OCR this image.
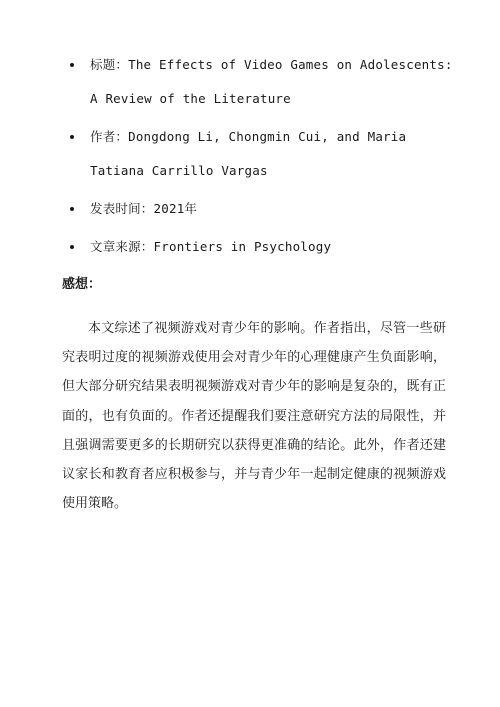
标题：The Effects of Video Games on Adolescents: A Review of the Literature
作者：Dongdong Li, Chongmin Cui, and Maria Tatiana Carrillo Vargas
发表时间：2021年
文章来源：Frontiers in Psychology
感想：

本文综述了视频游戏对青少年的影响。作者指出，尽管一些研究表明过度的视频游戏使用会对青少年的心理健康产生负面影响，但大部分研究结果表明视频游戏对青少年的影响是复杂的，既有正面的，也有负面的。作者还提醒我们要注意研究方法的局限性，并且强调需要更多的长期研究以获得更准确的结论。此外，作者还建议家长和教育者应积极参与，并与青少年一起制定健康的视频游戏使用策略。
